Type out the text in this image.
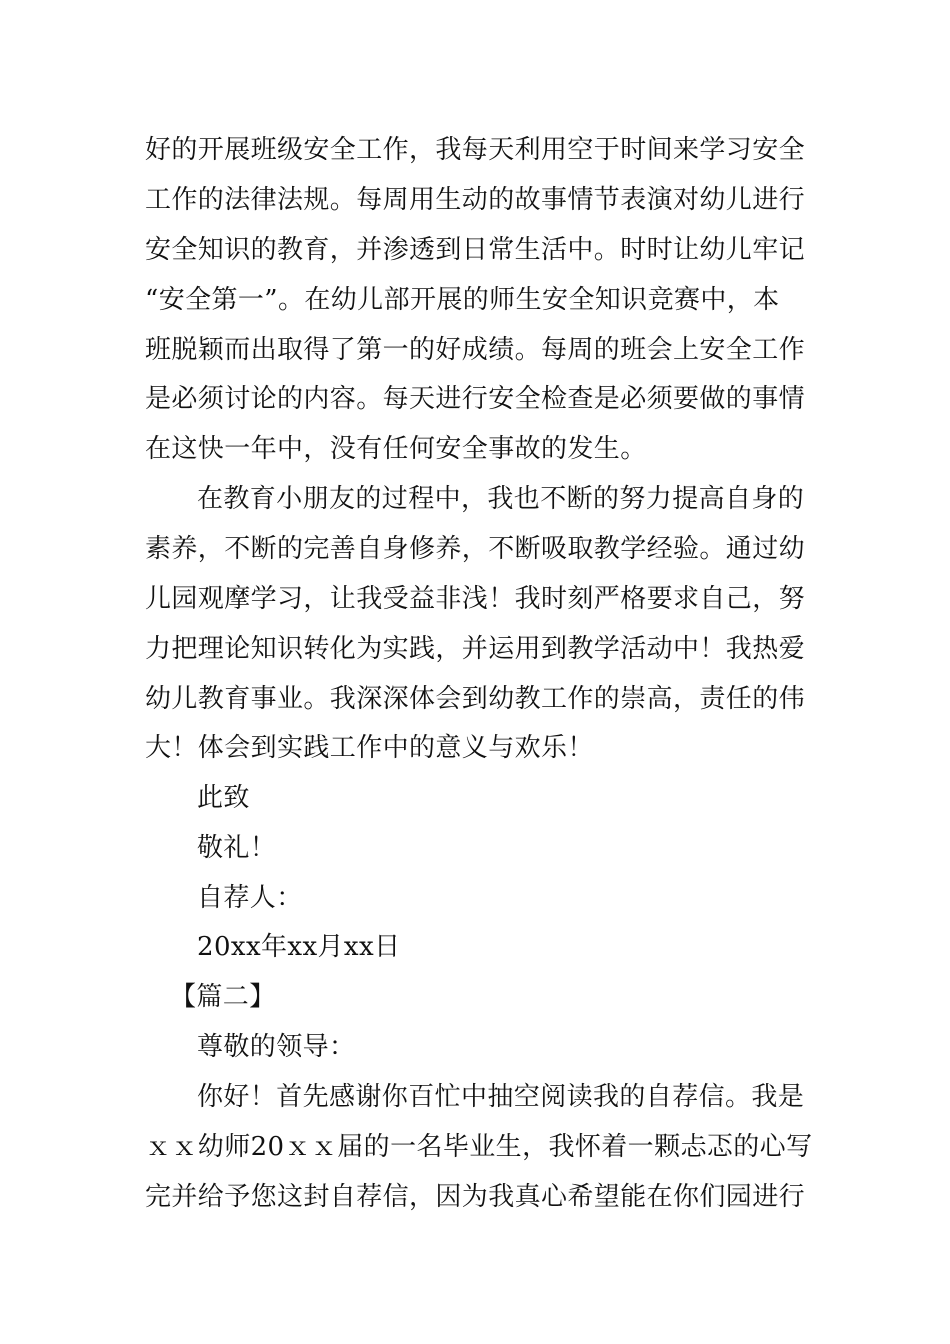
好的开展班级安全工作，我每天利用空于时间来学习安全
工作的法律法规。每周用生动的故事情节表演对幼儿进行
安全知识的教育，并渗透到日常生活中。时时让幼儿牢记
“安全第一”。在幼儿部开展的师生安全知识竞赛中，本
班脱颖而出取得了第一的好成绩。每周的班会上安全工作
是必须讨论的内容。每天进行安全检查是必须要做的事情
在这快一年中，没有任何安全事故的发生。
在教育小朋友的过程中，我也不断的努力提高自身的
素养，不断的完善自身修养，不断吸取教学经验。通过幼
儿园观摩学习，让我受益非浅！我时刻严格要求自己，努
力把理论知识转化为实践，并运用到教学活动中！我热爱
幼儿教育事业。我深深体会到幼教工作的崇高，责任的伟
大！体会到实践工作中的意义与欢乐！
此致
敬礼！
自荐人：
20xx年xx月xx日
【篇二】
尊敬的领导：
你好！首先感谢你百忙中抽空阅读我的自荐信。我是
ｘｘ幼师20ｘｘ届的一名毕业生，我怀着一颗忐忑的心写
完并给予您这封自荐信，因为我真心希望能在你们园进行
